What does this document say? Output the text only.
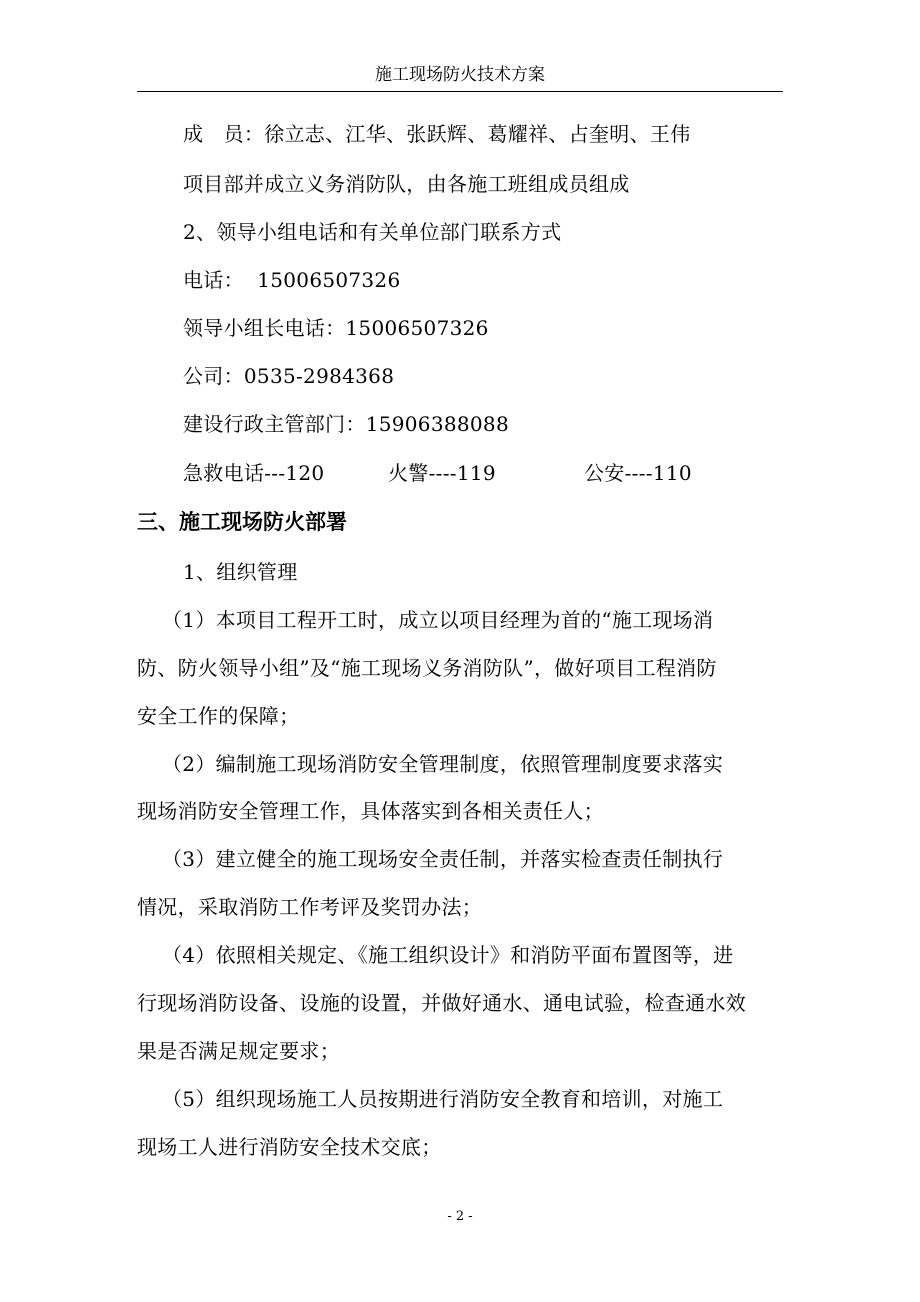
施工现场防火技术方案
成　员：徐立志、江华、张跃辉、葛耀祥、占奎明、王伟
项目部并成立义务消防队，由各施工班组成员组成
2、领导小组电话和有关单位部门联系方式
电话：  15006507326
领导小组长电话：15006507326
公司：0535-2984368
建设行政主管部门：15906388088
急救电话---120	火警----119	公安----110
三、施工现场防火部署
1、组织管理
（1）本项目工程开工时，成立以项目经理为首的“施工现场消
防、防火领导小组”及“施工现场义务消防队”，做好项目工程消防
安全工作的保障；
（2）编制施工现场消防安全管理制度，依照管理制度要求落实
现场消防安全管理工作，具体落实到各相关责任人；
（3）建立健全的施工现场安全责任制，并落实检查责任制执行
情况，采取消防工作考评及奖罚办法；
（4）依照相关规定、《施工组织设计》和消防平面布置图等，进
行现场消防设备、设施的设置，并做好通水、通电试验，检查通水效
果是否满足规定要求；
（5）组织现场施工人员按期进行消防安全教育和培训，对施工
现场工人进行消防安全技术交底；
- 2 -
